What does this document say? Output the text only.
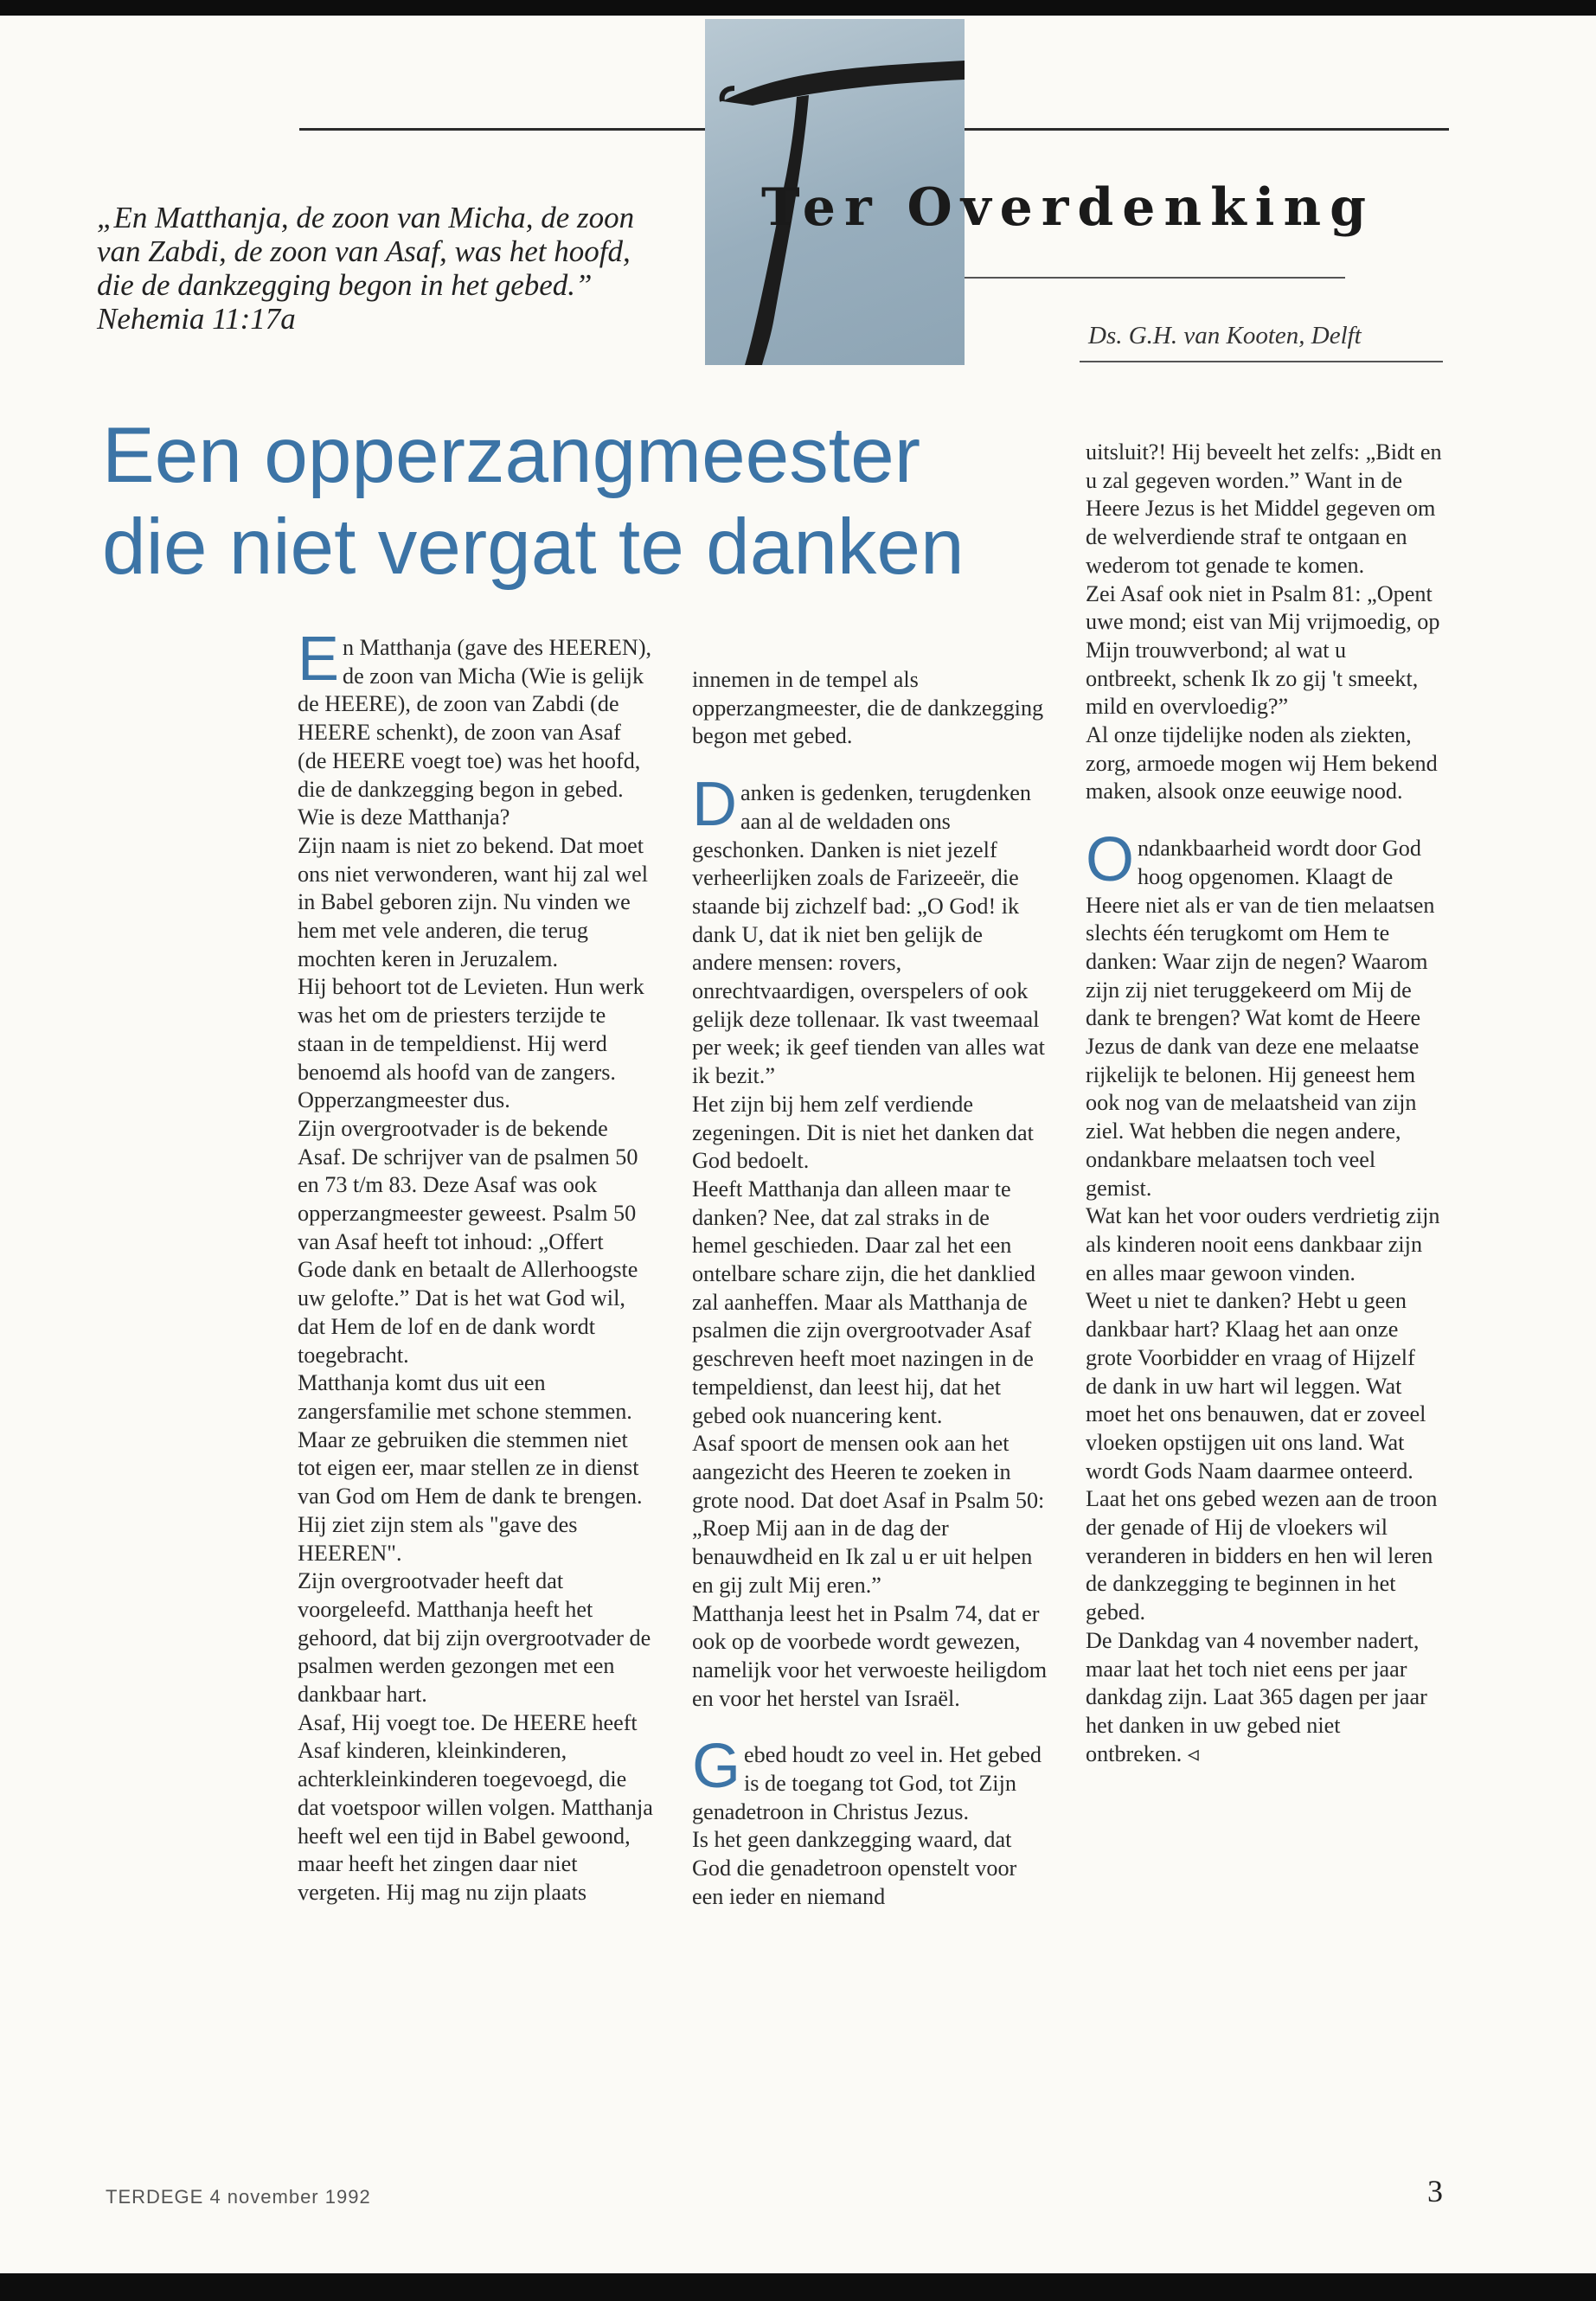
Ter Overdenking
„En Matthanja, de zoon van Micha, de zoon van Zabdi, de zoon van Asaf, was het hoofd, die de dankzegging begon in het gebed.”
Nehemia 11:17a	Ds. G.H. van Kooten, Delft
Een opperzangmeester
die niet vergat te danken

En Matthanja (gave des HEEREN), de zoon van Micha (Wie is gelijk de HEERE), de zoon van Zabdi (de HEERE schenkt), de zoon van Asaf (de HEERE voegt toe) was het hoofd, die de dankzegging begon in gebed.

Wie is deze Matthanja?

Zijn naam is niet zo bekend. Dat moet ons niet verwonderen, want hij zal wel in Babel geboren zijn. Nu vinden we hem met vele anderen, die terug mochten keren in Jeruzalem.

Hij behoort tot de Levieten. Hun werk was het om de priesters terzijde te staan in de tempeldienst. Hij werd benoemd als hoofd van de zangers. Opperzangmeester dus.

Zijn overgrootvader is de bekende Asaf. De schrijver van de psalmen 50 en 73 t/m 83. Deze Asaf was ook opperzangmeester geweest. Psalm 50 van Asaf heeft tot inhoud: „Offert Gode dank en betaalt de Allerhoogste uw gelofte.” Dat is het wat God wil, dat Hem de lof en de dank wordt toegebracht.

Matthanja komt dus uit een zangersfamilie met schone stemmen. Maar ze gebruiken die stemmen niet tot eigen eer, maar stellen ze in dienst van God om Hem de dank te brengen. Hij ziet zijn stem als "gave des HEEREN".

Zijn overgrootvader heeft dat voorgeleefd. Matthanja heeft het gehoord, dat bij zijn overgrootvader de psalmen werden gezongen met een dankbaar hart.

Asaf, Hij voegt toe. De HEERE heeft Asaf kinderen, kleinkinderen, achterkleinkinderen toegevoegd, die dat voetspoor willen volgen. Matthanja heeft wel een tijd in Babel gewoond, maar heeft het zingen daar niet vergeten. Hij mag nu zijn plaats

innemen in de tempel als opperzangmeester, die de dankzegging begon met gebed.

Danken is gedenken, terugdenken aan al de weldaden ons geschonken. Danken is niet jezelf verheerlijken zoals de Farizeeër, die staande bij zichzelf bad: „O God! ik dank U, dat ik niet ben gelijk de andere mensen: rovers, onrechtvaardigen, overspelers of ook gelijk deze tollenaar. Ik vast tweemaal per week; ik geef tienden van alles wat ik bezit.”

Het zijn bij hem zelf verdiende zegeningen. Dit is niet het danken dat God bedoelt.

Heeft Matthanja dan alleen maar te danken? Nee, dat zal straks in de hemel geschieden. Daar zal het een ontelbare schare zijn, die het danklied zal aanheffen. Maar als Matthanja de psalmen die zijn overgrootvader Asaf geschreven heeft moet nazingen in de tempeldienst, dan leest hij, dat het gebed ook nuancering kent.

Asaf spoort de mensen ook aan het aangezicht des Heeren te zoeken in grote nood. Dat doet Asaf in Psalm 50: „Roep Mij aan in de dag der benauwdheid en Ik zal u er uit helpen en gij zult Mij eren.”

Matthanja leest het in Psalm 74, dat er ook op de voorbede wordt gewezen, namelijk voor het verwoeste heiligdom en voor het herstel van Israël.

Gebed houdt zo veel in. Het gebed is de toegang tot God, tot Zijn genadetroon in Christus Jezus.

Is het geen dankzegging waard, dat God die genadetroon openstelt voor een ieder en niemand

uitsluit?! Hij beveelt het zelfs: „Bidt en u zal gegeven worden.” Want in de Heere Jezus is het Middel gegeven om de welverdiende straf te ontgaan en wederom tot genade te komen.

Zei Asaf ook niet in Psalm 81: „Opent uwe mond; eist van Mij vrijmoedig, op Mijn trouwverbond; al wat u ontbreekt, schenk Ik zo gij 't smeekt, mild en overvloedig?”

Al onze tijdelijke noden als ziekten, zorg, armoede mogen wij Hem bekend maken, alsook onze eeuwige nood.

Ondankbaarheid wordt door God hoog opgenomen. Klaagt de Heere niet als er van de tien melaatsen slechts één terugkomt om Hem te danken: Waar zijn de negen? Waarom zijn zij niet teruggekeerd om Mij de dank te brengen? Wat komt de Heere Jezus de dank van deze ene melaatse rijkelijk te belonen. Hij geneest hem ook nog van de melaatsheid van zijn ziel. Wat hebben die negen andere, ondankbare melaatsen toch veel gemist.

Wat kan het voor ouders verdrietig zijn als kinderen nooit eens dankbaar zijn en alles maar gewoon vinden.

Weet u niet te danken? Hebt u geen dankbaar hart? Klaag het aan onze grote Voorbidder en vraag of Hijzelf de dank in uw hart wil leggen. Wat moet het ons benauwen, dat er zoveel vloeken opstijgen uit ons land. Wat wordt Gods Naam daarmee onteerd. Laat het ons gebed wezen aan de troon der genade of Hij de vloekers wil veranderen in bidders en hen wil leren de dankzegging te beginnen in het gebed.

De Dankdag van 4 november nadert, maar laat het toch niet eens per jaar dankdag zijn. Laat 365 dagen per jaar het danken in uw gebed niet ontbreken. ◃

TERDEGE 4 november 1992	3
